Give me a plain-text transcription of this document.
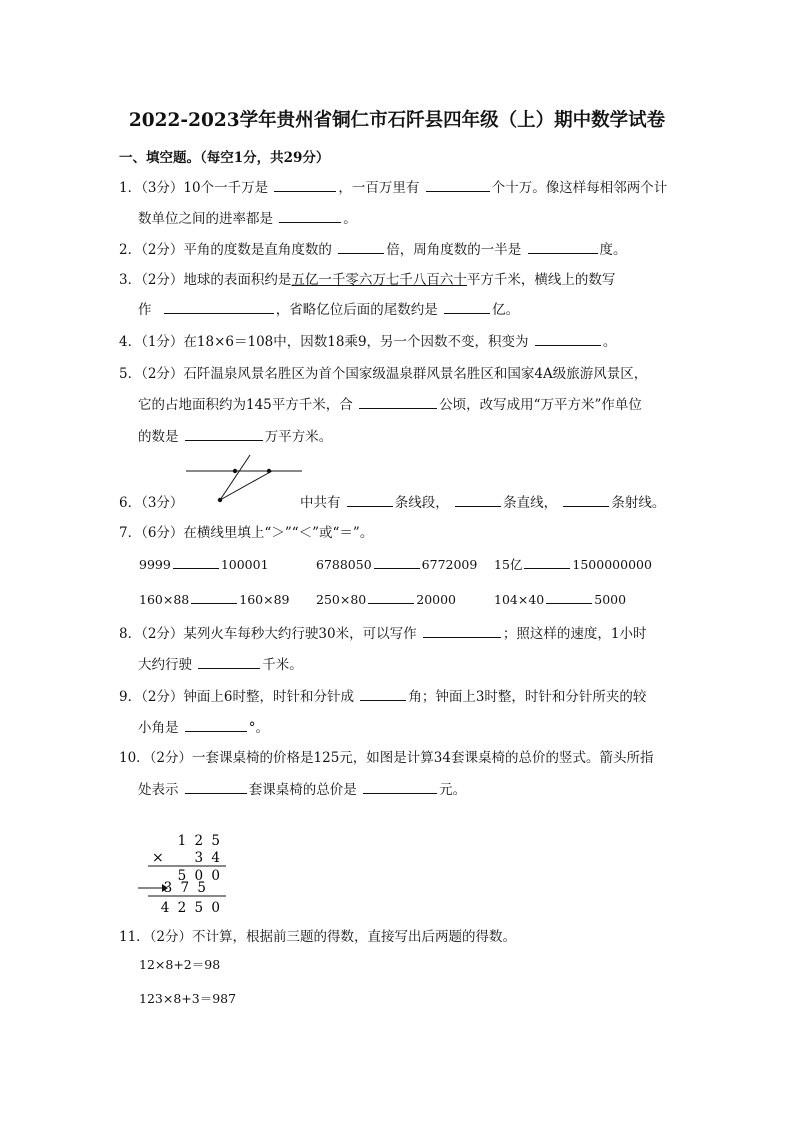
2022-2023学年贵州省铜仁市石阡县四年级（上）期中数学试卷
一、填空题。（每空1分，共29分）
1．（3分）10个一千万是	，一百万里有	个十万。像这样每相邻两个计
数单位之间的进率都是	。
2．（2分）平角的度数是直角度数的	倍，周角度数的一半是	度。
3．（2分）地球的表面积约是五亿一千零六万七千八百六十平方千米，横线上的数写
作	，省略亿位后面的尾数约是	亿。
4．（1分）在18×6＝108中，因数18乘9，另一个因数不变，积变为	。
5．（2分）石阡温泉风景名胜区为首个国家级温泉群风景名胜区和国家4A级旅游风景区，
它的占地面积约为145平方千米，合	公顷，改写成用“万平方米”作单位
的数是	万平方米。
6．（3分）	中共有	条线段，	条直线，	条射线。
7．（6分）在横线里填上“＞”“＜”或“＝”。
9999	100001	6788050	6772009 15亿	1500000000
160×88	160×89 250×80	20000	104×40	5000
8．（2分）某列火车每秒大约行驶30米，可以写作	；照这样的速度，1小时
大约行驶	千米。
9．（2分）钟面上6时整，时针和分针成	角；钟面上3时整，时针和分针所夹的较
小角是	°。
10．（2分）一套课桌椅的价格是125元，如图是计算34套课桌椅的总价的竖式。箭头所指
处表示	套课桌椅的总价是	元。
1 2 5
× 3 4
5 0 0
3 7 5
4 2 5 0
11．（2分）不计算，根据前三题的得数，直接写出后两题的得数。
12×8+2＝98
123×8+3＝987
